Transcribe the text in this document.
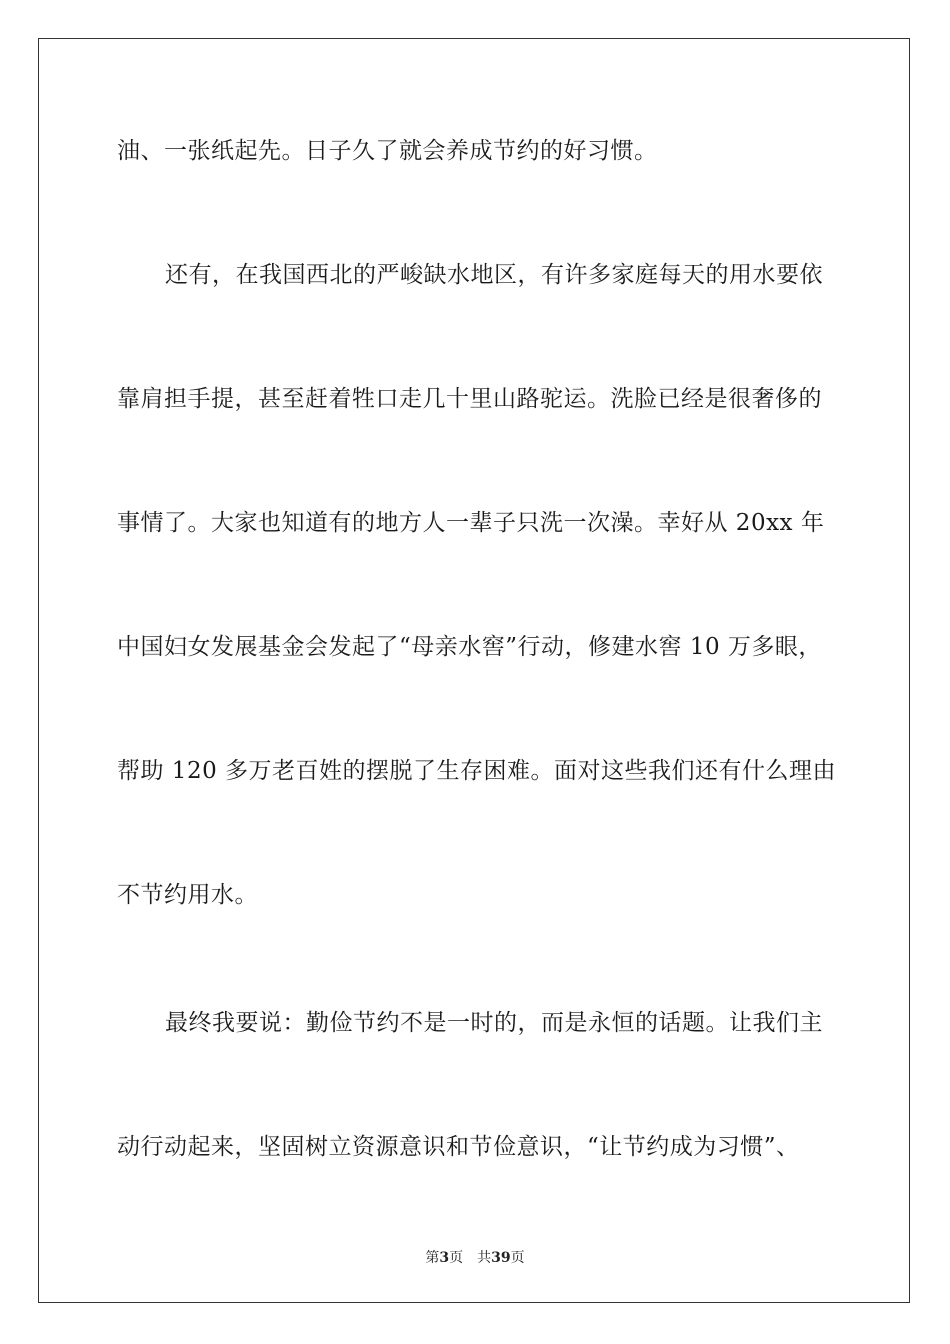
油、一张纸起先。日子久了就会养成节约的好习惯。
还有，在我国西北的严峻缺水地区，有许多家庭每天的用水要依
靠肩担手提，甚至赶着牲口走几十里山路驼运。洗脸已经是很奢侈的
事情了。大家也知道有的地方人一辈子只洗一次澡。幸好从 20xx 年
中国妇女发展基金会发起了“母亲水窖”行动，修建水窖 10 万多眼，
帮助 120 多万老百姓的摆脱了生存困难。面对这些我们还有什么理由
不节约用水。
最终我要说：勤俭节约不是一时的，而是永恒的话题。让我们主
动行动起来，坚固树立资源意识和节俭意识，“让节约成为习惯”、
第3页 共39页
